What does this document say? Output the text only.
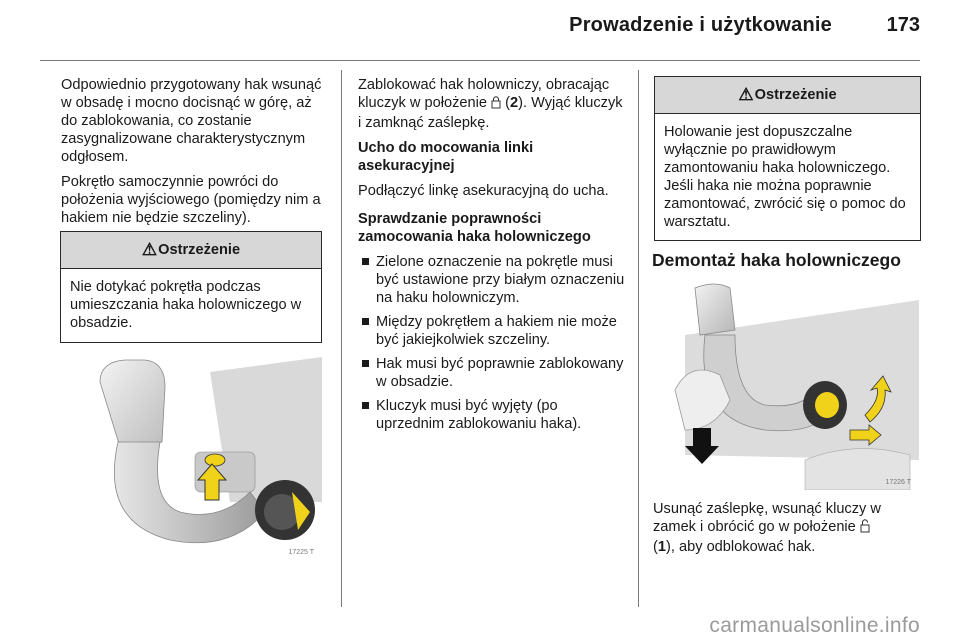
Prowadzenie i użytkowanie	173

Odpowiednio przygotowany hak wsunąć w obsadę i mocno docisnąć w górę, aż do zablokowania, co zostanie zasygnalizowane charakterystycznym odgłosem.

Pokrętło samoczynnie powróci do położenia wyjściowego (pomiędzy nim a hakiem nie będzie szczeliny).

⚠ Ostrzeżenie
Nie dotykać pokrętła podczas umieszczania haka holowniczego w obsadzie.
17225 T

Zablokować hak holowniczy, obracając kluczyk w położenie  (2). Wyjąć kluczyk i zamknąć zaślepkę.

Ucho do mocowania linki asekuracyjnej

Podłączyć linkę asekuracyjną do ucha.

Sprawdzanie poprawności zamocowania haka holowniczego

Zielone oznaczenie na pokrętle musi być ustawione przy białym oznaczeniu na haku holowniczym.
Między pokrętłem a hakiem nie może być jakiejkolwiek szczeliny.
Hak musi być poprawnie zablokowany w obsadzie.
Kluczyk musi być wyjęty (po uprzednim zablokowaniu haka).
⚠ Ostrzeżenie
Holowanie jest dopuszczalne wyłącznie po prawidłowym zamontowaniu haka holowniczego. Jeśli haka nie można poprawnie zamontować, zwrócić się o pomoc do warsztatu.
Demontaż haka holowniczego
17226 T
Usunąć zaślepkę, wsunąć kluczy w zamek i obrócić go w położenie
(1), aby odblokować hak.
carmanualsonline.info
